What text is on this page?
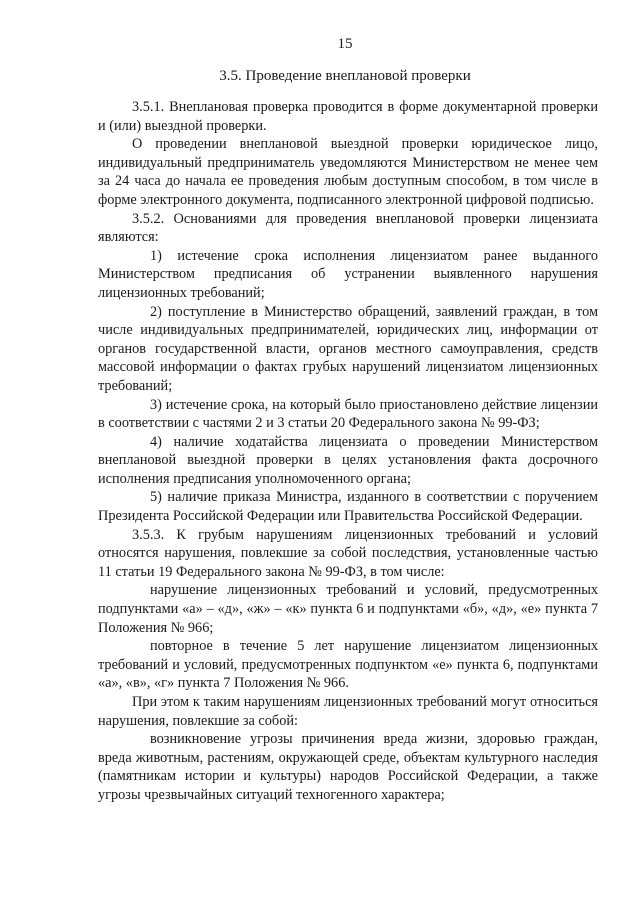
15
3.5. Проведение внеплановой проверки

3.5.1. Внеплановая проверка проводится в форме документарной проверки и (или) выездной проверки.

О проведении внеплановой выездной проверки юридическое лицо, индивидуальный предприниматель уведомляются Министерством не менее чем за 24 часа до начала ее проведения любым доступным способом, в том числе в форме электронного документа, подписанного электронной цифровой подписью.

3.5.2. Основаниями для проведения внеплановой проверки лицензиата являются:

1) истечение срока исполнения лицензиатом ранее выданного Министерством предписания об устранении выявленного нарушения лицензионных требований;

2) поступление в Министерство обращений, заявлений граждан, в том числе индивидуальных предпринимателей, юридических лиц, информации от органов государственной власти, органов местного самоуправления, средств массовой информации о фактах грубых нарушений лицензиатом лицензионных требований;

3) истечение срока, на который было приостановлено действие лицензии в соответствии с частями 2 и 3 статьи 20 Федерального закона № 99-ФЗ;

4) наличие ходатайства лицензиата о проведении Министерством внеплановой выездной проверки в целях установления факта досрочного исполнения предписания уполномоченного органа;

5) наличие приказа Министра, изданного в соответствии с поручением Президента Российской Федерации или Правительства Российской Федерации.

3.5.3. К грубым нарушениям лицензионных требований и условий относятся нарушения, повлекшие за собой последствия, установленные частью 11 статьи 19 Федерального закона № 99-ФЗ, в том числе:

нарушение лицензионных требований и условий, предусмотренных подпунктами «а» – «д», «ж» – «к» пункта 6 и подпунктами «б», «д», «е» пункта 7 Положения № 966;

повторное в течение 5 лет нарушение лицензиатом лицензионных требований и условий, предусмотренных подпунктом «е» пункта 6, подпунктами «а», «в», «г» пункта 7 Положения № 966.

При этом к таким нарушениям лицензионных требований могут относиться нарушения, повлекшие за собой:

возникновение угрозы причинения вреда жизни, здоровью граждан, вреда животным, растениям, окружающей среде, объектам культурного наследия (памятникам истории и культуры) народов Российской Федерации, а также угрозы чрезвычайных ситуаций техногенного характера;
